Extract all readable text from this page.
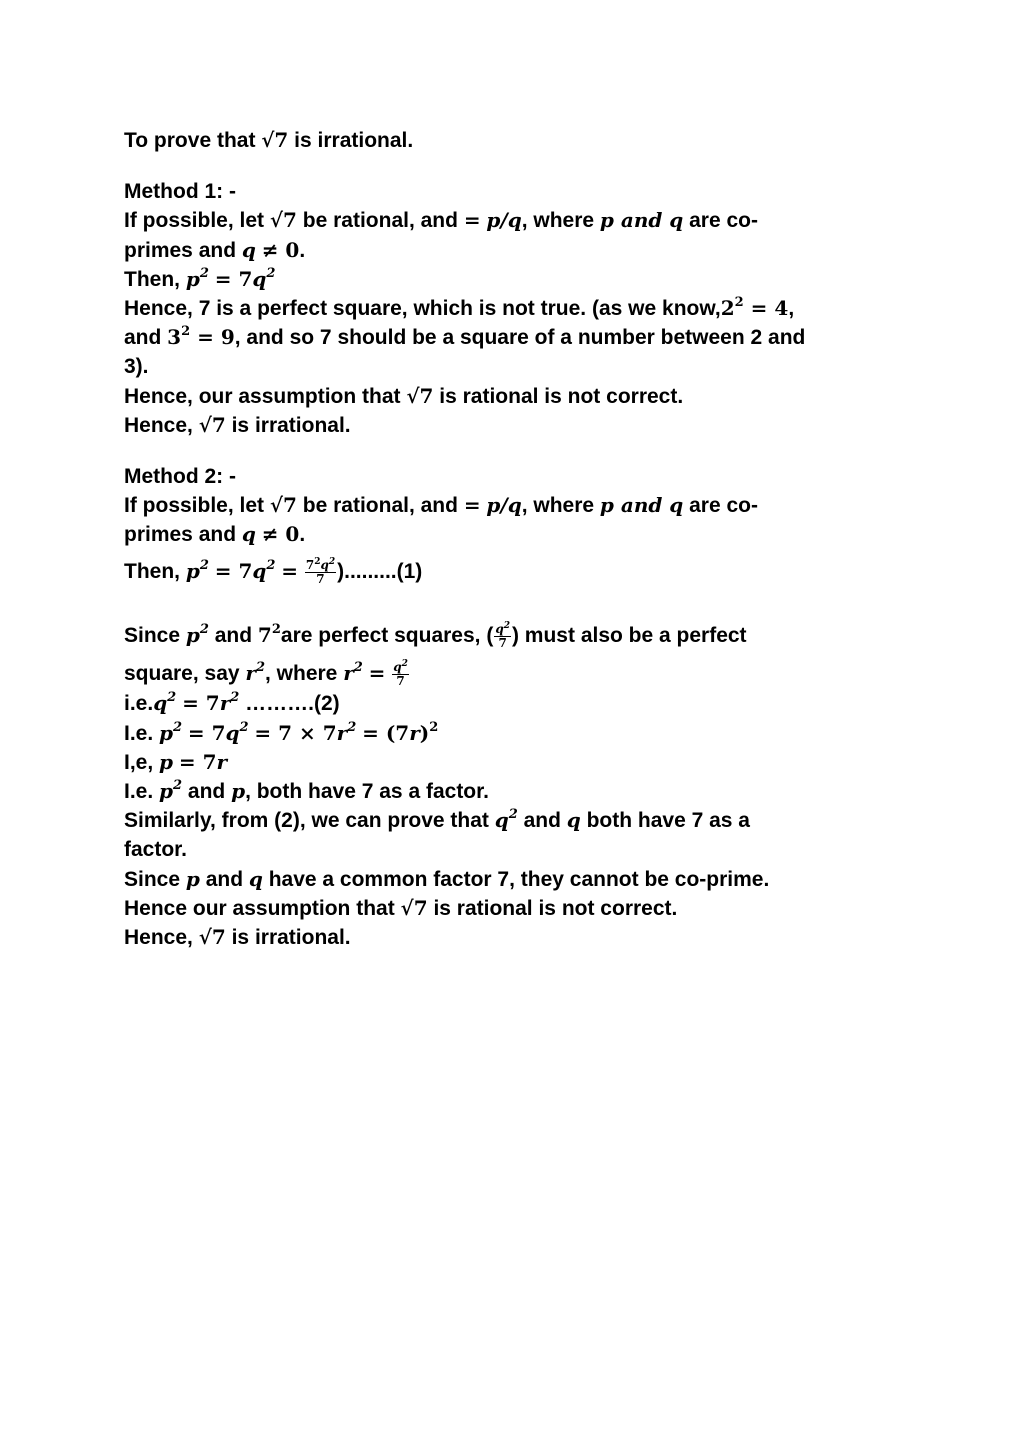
To prove that √7 is irrational.
Method 1: -
If possible, let √7 be rational, and = p/q, where p and q are co-
primes and q ≠ 0.
Then, $p^2 = 7q^2$
Hence, 7 is a perfect square, which is not true. (as we $know,2^2 = 4$,
and $3^2 = 9$, and so 7 should be a square of a number between 2 and
3).
Hence, our assumption that √7 is rational is not correct.
Hence, √7 is irrational.
Method 2: -
If possible, let √7 be rational, and = p/q, where p and q are co-
primes and q ≠ 0.
Then, $p^2 = 7q^2 = \frac{7^2q^2}{7} ).........(1)$
Since $p^2$ and $7^2are$ perfect squares, ( $\frac{q^2}{7}$ ) must also be a perfect
square, say $r^2$, where $r^2 = \frac{q^2}{7}$
$i.e.q^2 = 7r^2$ ……….(2)
I.e. $p^2 = 7q^2 = 7 \times 7r^2 = (7r)^2$
I,e, p = 7r
I.e. $p^2$ and p, both have 7 as a factor.
Similarly, from (2), we can prove that $q^2$ and q both have 7 as a
factor.
Since p and q have a common factor 7, they cannot be co-prime.
Hence our assumption that √7 is rational is not correct.
Hence, √7 is irrational.
